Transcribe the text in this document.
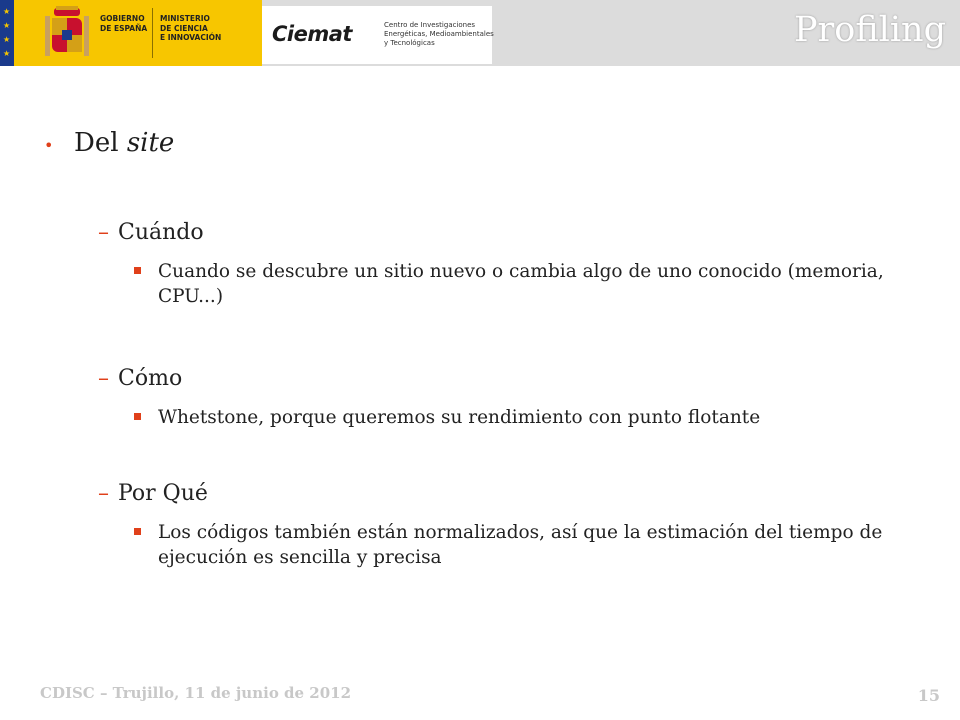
★
★
★
★
GOBIERNO
DE ESPAÑA
MINISTERIO
DE CIENCIA
E INNOVACIÓN Ciemat	Centro de Investigaciones
Energéticas, Medioambientales
y Tecnológicas	Profiling
• Del site
– Cuándo
Cuando se descubre un sitio nuevo o cambia algo de uno conocido (memoria, CPU...)
– Cómo
Whetstone, porque queremos su rendimiento con punto flotante
– Por Qué
Los códigos también están normalizados, así que la estimación del tiempo de ejecución es sencilla y precisa
CDISC – Trujillo, 11 de junio de 2012	15
